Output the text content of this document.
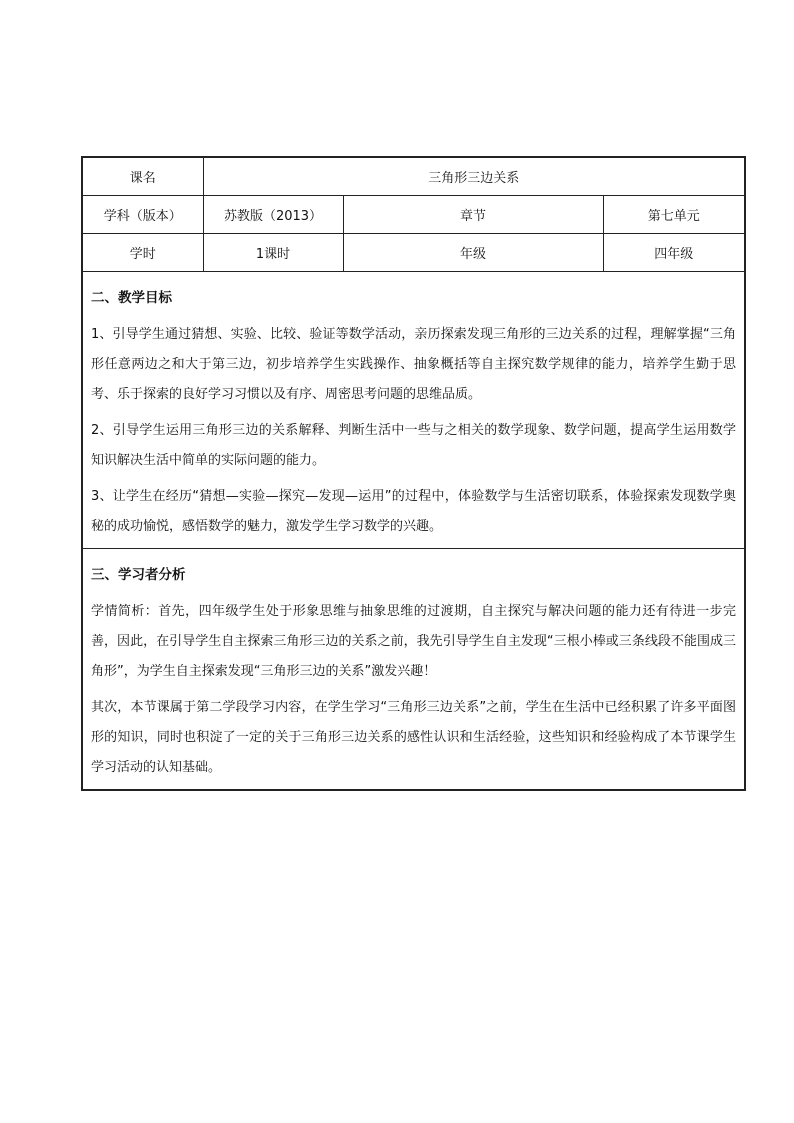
课名	三角形三边关系		
学科（版本）	苏教版（2013）	章节	第七单元
学时	1课时	年级	四年级

二、教学目标

1、引导学生通过猜想、实验、比较、验证等数学活动，亲历探索发现三角形的三边关系的过程，理解掌握“三角形任意两边之和大于第三边，初步培养学生实践操作、抽象概括等自主探究数学规律的能力，培养学生勤于思考、乐于探索的良好学习习惯以及有序、周密思考问题的思维品质。

2、引导学生运用三角形三边的关系解释、判断生活中一些与之相关的数学现象、数学问题，提高学生运用数学知识解决生活中简单的实际问题的能力。

3、让学生在经历“猜想—实验—探究—发现—运用”的过程中，体验数学与生活密切联系，体验探索发现数学奥秘的成功愉悦，感悟数学的魅力，激发学生学习数学的兴趣。			

三、学习者分析

学情简析：首先，四年级学生处于形象思维与抽象思维的过渡期，自主探究与解决问题的能力还有待进一步完善，因此，在引导学生自主探索三角形三边的关系之前，我先引导学生自主发现“三根小棒或三条线段不能围成三角形”，为学生自主探索发现“三角形三边的关系”激发兴趣！

其次，本节课属于第二学段学习内容，在学生学习“三角形三边关系”之前，学生在生活中已经积累了许多平面图形的知识，同时也积淀了一定的关于三角形三边关系的感性认识和生活经验，这些知识和经验构成了本节课学生学习活动的认知基础。			
